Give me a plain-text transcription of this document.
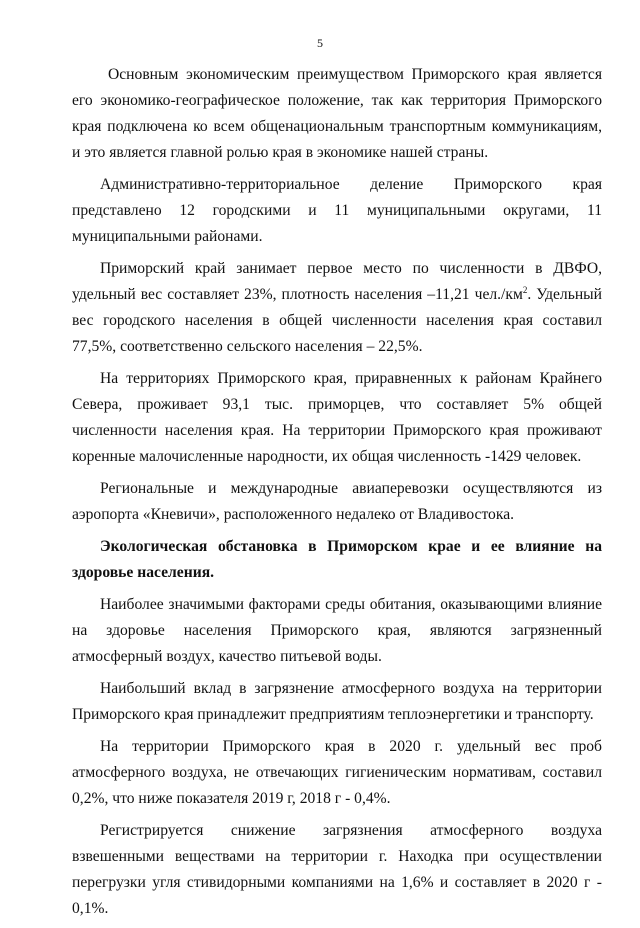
5

Основным экономическим преимуществом Приморского края является его экономико-географическое положение, так как территория Приморского края подключена ко всем общенациональным транспортным коммуникациям, и это является главной ролью края в экономике нашей страны.

Административно-территориальное деление Приморского края представлено 12 городскими и 11 муниципальными округами, 11 муниципальными районами.

Приморский край занимает первое место по численности в ДВФО, удельный вес составляет 23%, плотность населения –11,21 $чел./км^2$. Удельный вес городского населения в общей численности населения края составил 77,5%, соответственно сельского населения – 22,5%.

На территориях Приморского края, приравненных к районам Крайнего Севера, проживает 93,1 тыс. приморцев, что составляет 5% общей численности населения края. На территории Приморского края проживают коренные малочисленные народности, их общая численность -1429 человек.

Региональные и международные авиаперевозки осуществляются из аэропорта «Кневичи», расположенного недалеко от Владивостока.

Экологическая обстановка в Приморском крае и ее влияние на здоровье населения.

Наиболее значимыми факторами среды обитания, оказывающими влияние на здоровье населения Приморского края, являются загрязненный атмосферный воздух, качество питьевой воды.

Наибольший вклад в загрязнение атмосферного воздуха на территории Приморского края принадлежит предприятиям теплоэнергетики и транспорту.

На территории Приморского края в 2020 г. удельный вес проб атмосферного воздуха, не отвечающих гигиеническим нормативам, составил 0,2%, что ниже показателя 2019 г, 2018 г - 0,4%.

Регистрируется снижение загрязнения атмосферного воздуха взвешенными веществами на территории г. Находка при осуществлении перегрузки угля стивидорными компаниями на 1,6% и составляет в 2020 г - 0,1%.
